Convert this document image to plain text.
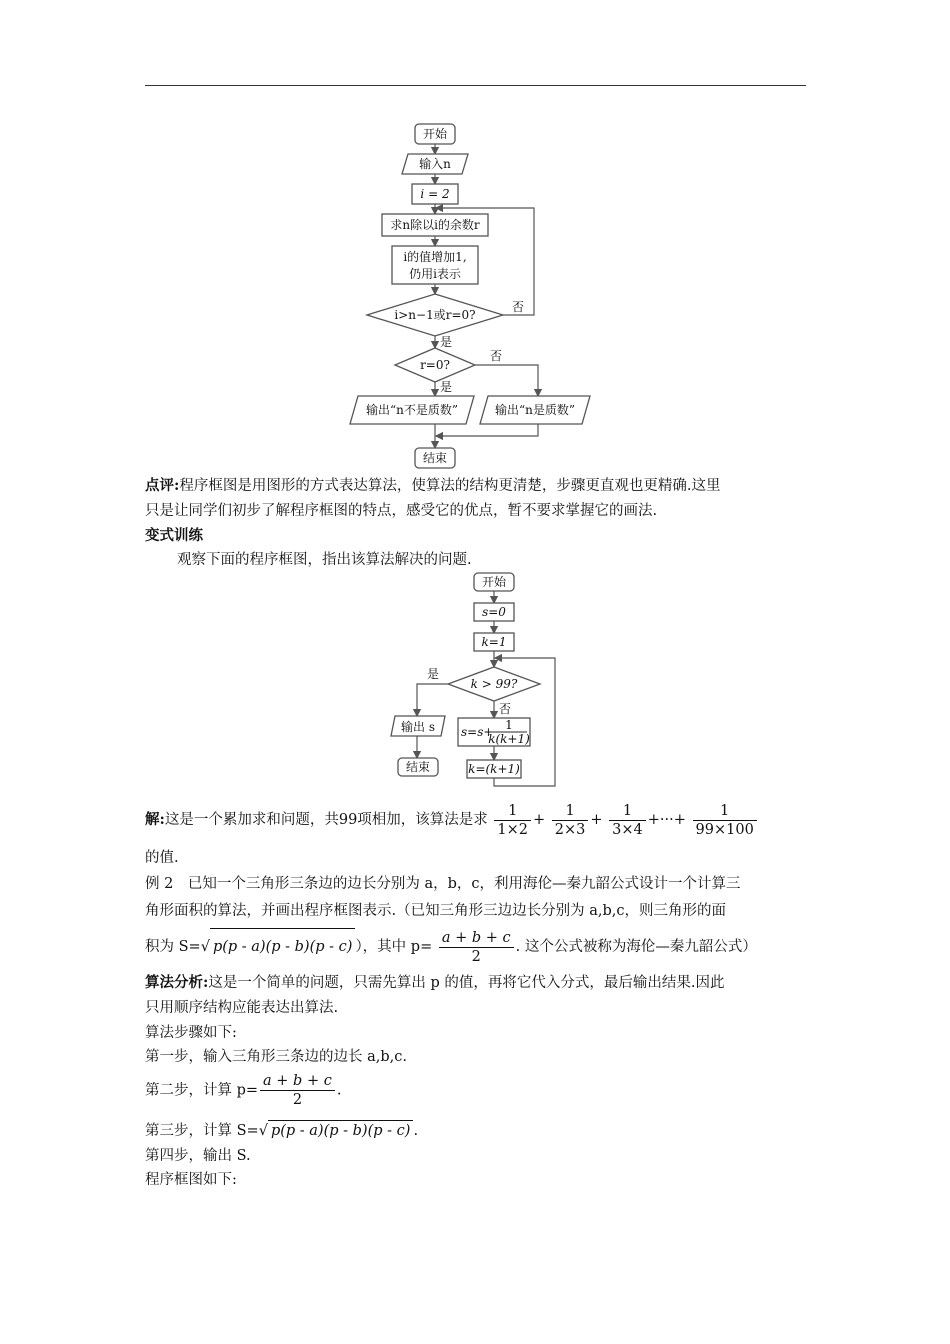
开始
输入n
i = 2
求n除以i的余数r
i的值增加1,
仍用i表示
i>n−1或r=0?
否
是
r=0?
否
是
输出“n不是质数”	输出“n是质数”
结束
点评:程序框图是用图形的方式表达算法，使算法的结构更清楚，步骤更直观也更精确.这里
只是让同学们初步了解程序框图的特点，感受它的优点，暂不要求掌握它的画法.
变式训练
观察下面的程序框图，指出该算法解决的问题.
开始
s=0
k=1
k > 99?
是
否
输出 s
结束
s=s+ 1
k(k+1)
k=(k+1)
解:这是一个累加求和问题，共99项相加，该算法是求 $\frac{1}{1\times 2} + \frac{1}{2\times 3} + \frac{1}{3\times 4}$ +···+ $\frac{1}{99\times 100}$
的值.
例 2　已知一个三角形三条边的边长分别为 a，b，c，利用海伦—秦九韶公式设计一个计算三
角形面积的算法，并画出程序框图表示.（已知三角形三边边长分别为 a,b,c，则三角形的面
积为 S=√ p(p - a)(p - b)(p - c) ），其中 $p= \frac{a + b + c}{2}$ . 这个公式被称为海伦—秦九韶公式）
算法分析:这是一个简单的问题，只需先算出 p 的值，再将它代入分式，最后输出结果.因此
只用顺序结构应能表达出算法.
算法步骤如下:
第一步，输入三角形三条边的边长 a,b,c.
第二步，计算 $p= \frac{a + b + c}{2}$ .
第三步，计算 S=√ p(p - a)(p - b)(p - c) .
第四步，输出 S.
程序框图如下:
